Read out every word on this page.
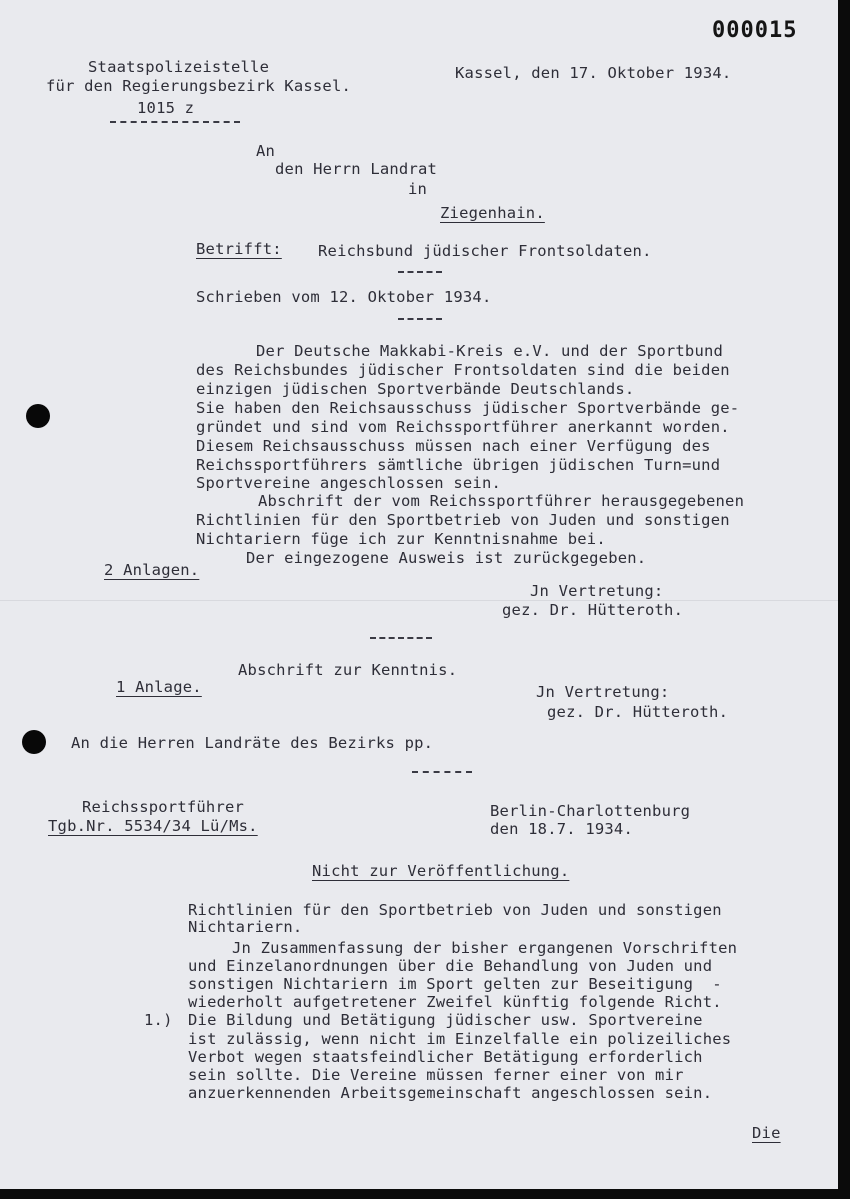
000015
Staatspolizeistelle
für den Regierungsbezirk Kassel.
1015 z
Kassel, den 17. Oktober 1934.
An
den Herrn Landrat
in
Ziegenhain.
Betrifft: Reichsbund jüdischer Frontsoldaten.
Schrieben vom 12. Oktober 1934.
Der Deutsche Makkabi-Kreis e.V. und der Sportbund
des Reichsbundes jüdischer Frontsoldaten sind die beiden
einzigen jüdischen Sportverbände Deutschlands.
Sie haben den Reichsausschuss jüdischer Sportverbände ge-
gründet und sind vom Reichssportführer anerkannt worden.
Diesem Reichsausschuss müssen nach einer Verfügung des
Reichssportführers sämtliche übrigen jüdischen Turn=und
Sportvereine angeschlossen sein.
Abschrift der vom Reichssportführer herausgegebenen
Richtlinien für den Sportbetrieb von Juden und sonstigen
Nichtariern füge ich zur Kenntnisnahme bei.
Der eingezogene Ausweis ist zurückgegeben.
2 Anlagen.
Jn Vertretung:
gez. Dr. Hütteroth.
Abschrift zur Kenntnis.
1 Anlage.	Jn Vertretung:
gez. Dr. Hütteroth.
An die Herren Landräte des Bezirks pp.
Reichssportführer
Tgb.Nr. 5534/34 Lü/Ms.
Berlin-Charlottenburg
den 18.7. 1934.
Nicht zur Veröffentlichung.
Richtlinien für den Sportbetrieb von Juden und sonstigen
Nichtariern.
Jn Zusammenfassung der bisher ergangenen Vorschriften
und Einzelanordnungen über die Behandlung von Juden und
sonstigen Nichtariern im Sport gelten zur Beseitigung  -
wiederholt aufgetretener Zweifel künftig folgende Richt.
1.) Die Bildung und Betätigung jüdischer usw. Sportvereine
ist zulässig, wenn nicht im Einzelfalle ein polizeiliches
Verbot wegen staatsfeindlicher Betätigung erforderlich
sein sollte. Die Vereine müssen ferner einer von mir
anzuerkennenden Arbeitsgemeinschaft angeschlossen sein.
Die
